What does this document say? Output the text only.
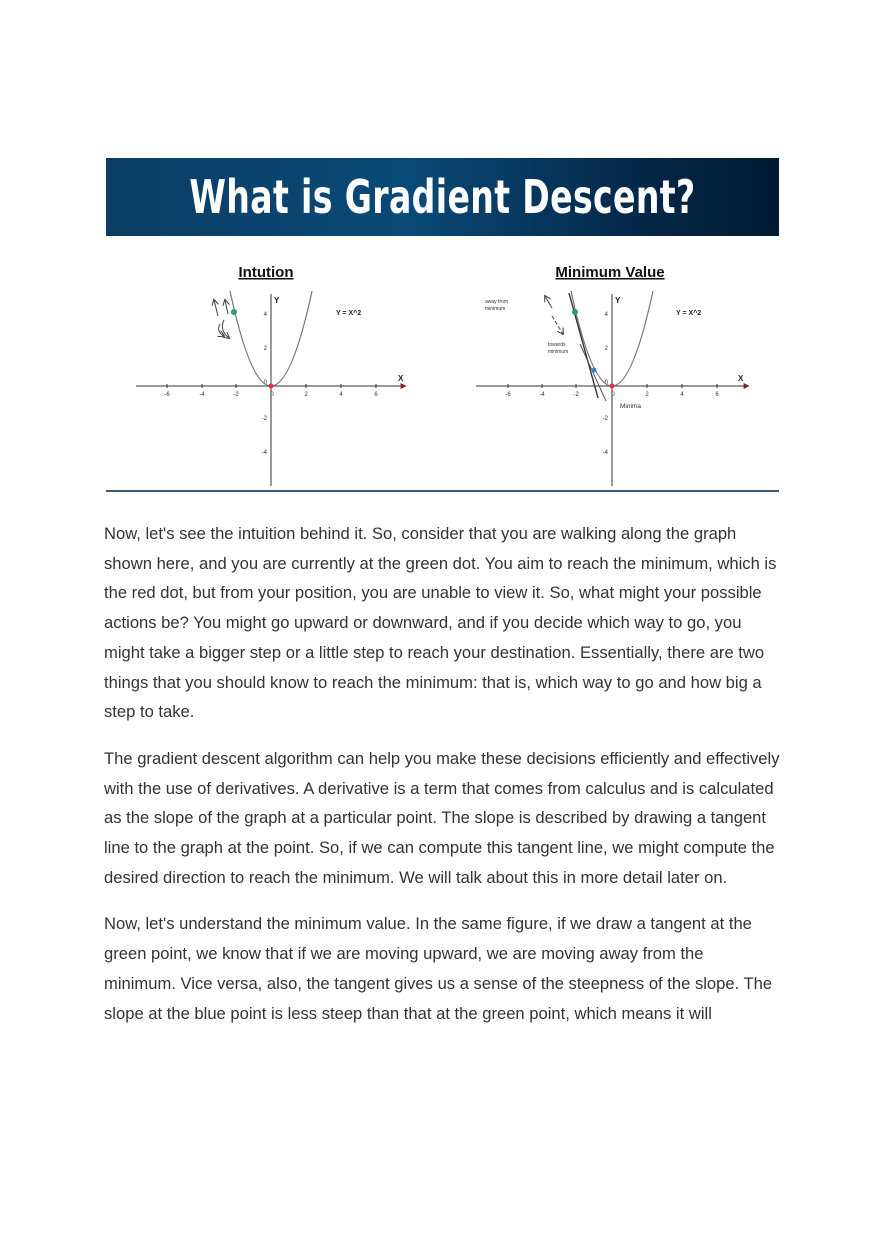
What is Gradient Descent?
Intution
X
Y
-6	-4	-2	0	2	4	6
4
2
-2
-4
0
Y = X^2
Minimum Value
X
Y
-6	-4	-2	0	2	4	6
4
2
-2
-4
0
Y = X^2
away from
minimum
towards
minimum
Minima

Now, let's see the intuition behind it. So, consider that you are walking along the graph shown here, and you are currently at the green dot. You aim to reach the minimum, which is the red dot, but from your position, you are unable to view it. So, what might your possible actions be? You might go upward or downward, and if you decide which way to go, you might take a bigger step or a little step to reach your destination. Essentially, there are two things that you should know to reach the minimum: that is, which way to go and how big a step to take.

The gradient descent algorithm can help you make these decisions efficiently and effectively with the use of derivatives. A derivative is a term that comes from calculus and is calculated as the slope of the graph at a particular point. The slope is described by drawing a tangent line to the graph at the point. So, if we can compute this tangent line, we might compute the desired direction to reach the minimum. We will talk about this in more detail later on.

Now, let's understand the minimum value. In the same figure, if we draw a tangent at the green point, we know that if we are moving upward, we are moving away from the minimum. Vice versa, also, the tangent gives us a sense of the steepness of the slope. The slope at the blue point is less steep than that at the green point, which means it will
